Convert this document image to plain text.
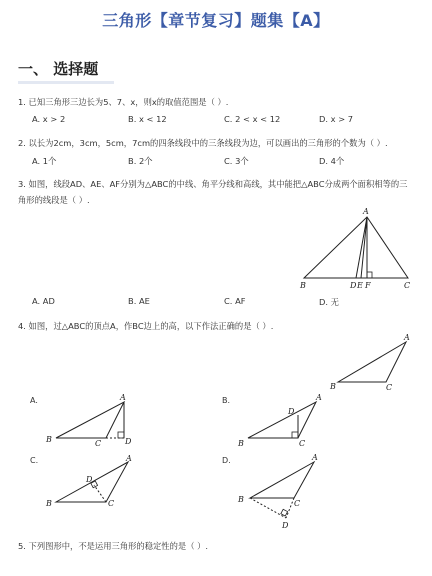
三角形【章节复习】题集【A】
一、 选择题
1. 已知三角形三边长为5、7、x，则x的取值范围是（ ）.
A. x > 2	B. x < 12	C. 2 < x < 12	D. x > 7
2. 以长为2cm，3cm，5cm，7cm的四条线段中的三条线段为边，可以画出的三角形的个数为（ ）.
A. 1个	B. 2个	C. 3个	D. 4个
3. 如图，线段AD、AE、AF分别为△ABC的中线、角平分线和高线，其中能把△ABC分成两个面积相等的三角形的线段是（ ）.
A
B	C
D E F
A. AD	B. AE	C. AF	D. 无
4. 如图，过△ABC的顶点A，作BC边上的高，以下作法正确的是（ ）.
A
B	C
A.	A
B	C	D
B.	A
B	C
D
C.	A
B	C
D
D.	A
B	C
D
5. 下列图形中，不是运用三角形的稳定性的是（ ）.
